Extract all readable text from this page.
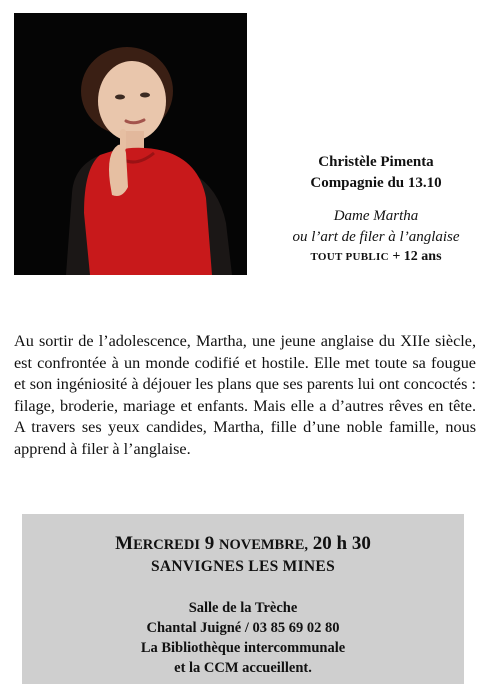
Christèle Pimenta
Compagnie du 13.10
Dame Martha
ou l’art de filer à l’anglaise
TOUT PUBLIC + 12 ans

Au sortir de l’adolescence, Martha, une jeune anglaise du XIIe siècle, est confrontée à un monde codifié et hostile. Elle met toute sa fougue et son ingéniosité à déjouer les plans que ses parents lui ont concoctés : filage, broderie, mariage et enfants. Mais elle a d’autres rêves en tête. A travers ses yeux candides, Martha, fille d’une noble famille, nous apprend à filer à l’anglaise.

MERCREDI 9 NOVEMBRE, 20 h 30
SANVIGNES LES MINES
Salle de la Trèche
Chantal Juigné / 03 85 69 02 80
La Bibliothèque intercommunale
et la CCM accueillent.
